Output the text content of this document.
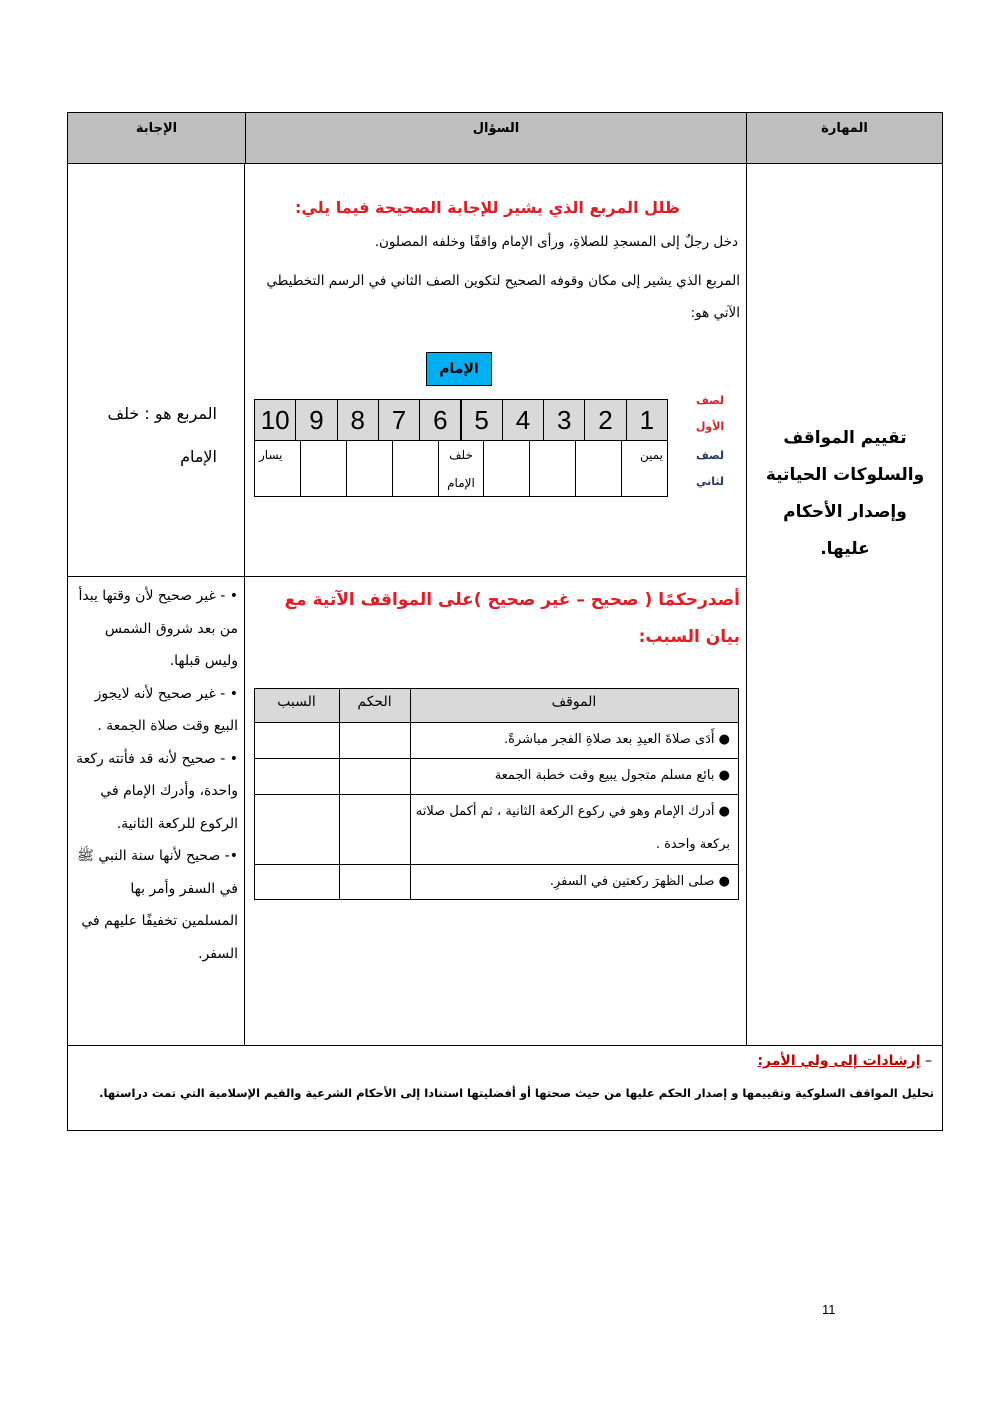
الإجابة	السؤال	المهارة
تقييم المواقف والسلوكات الحياتية وإصدار الأحكام عليها.
ظلل المربع الذي يشير للإجابة الصحيحة فيما يلي:
دخل رجلٌ إلى المسجدِ للصلاةِ، ورأى الإمام واقفًا وخلفه المصلون.
المربع الذي يشير إلى مكان وقوفه الصحيح لتكوين الصف الثاني في الرسم التخطيطي الآتي هو:
الإمام
1
2
3
4
5
6
7
8
9
10
يمين
خلف الإمام
يسار
لصف الأول
لصف لثاني
المربع هو : خلف الإمام
أصدرحكمًا ( صحيح – غير صحيح )على المواقف الآتية مع بيان السبب:
الموقف
الحكم
السبب
● أَدَى صلاةَ العيدِ بعد صلاةِ الفجر مباشرةً.
● بائع مسلم متجول يبيع وقت خطبة الجمعة
● أدرك الإمام وهو في ركوع الركعة الثانية ، ثم أكمل صلاته بركعة واحدة .
● صلى الظهرَ ركعتين في السفرِ.
• - غير صحيح لأن وقتها يبدأ من بعد شروق الشمس وليس قبلها.
• - غير صحيح لأنه لايجوز البيع وقت صلاة الجمعة .
• - صحيح لأنه قد فأتته ركعة واحدة، وأدرك الإمام في الركوع للركعة الثانية.
•- صحيح لأنها سنة النبي ﷺ في السفر وأمر بها المسلمين تخفيفًا عليهم في السفر.
– إرشادات إلى ولي الأمر:
تحليل المواقف السلوكية وتقييمها و إصدار الحكم عليها من حيث صحتها أو أفضليتها استنادا إلى الأحكام الشرعية والقيم الإسلامية التي تمت دراستها.
11
